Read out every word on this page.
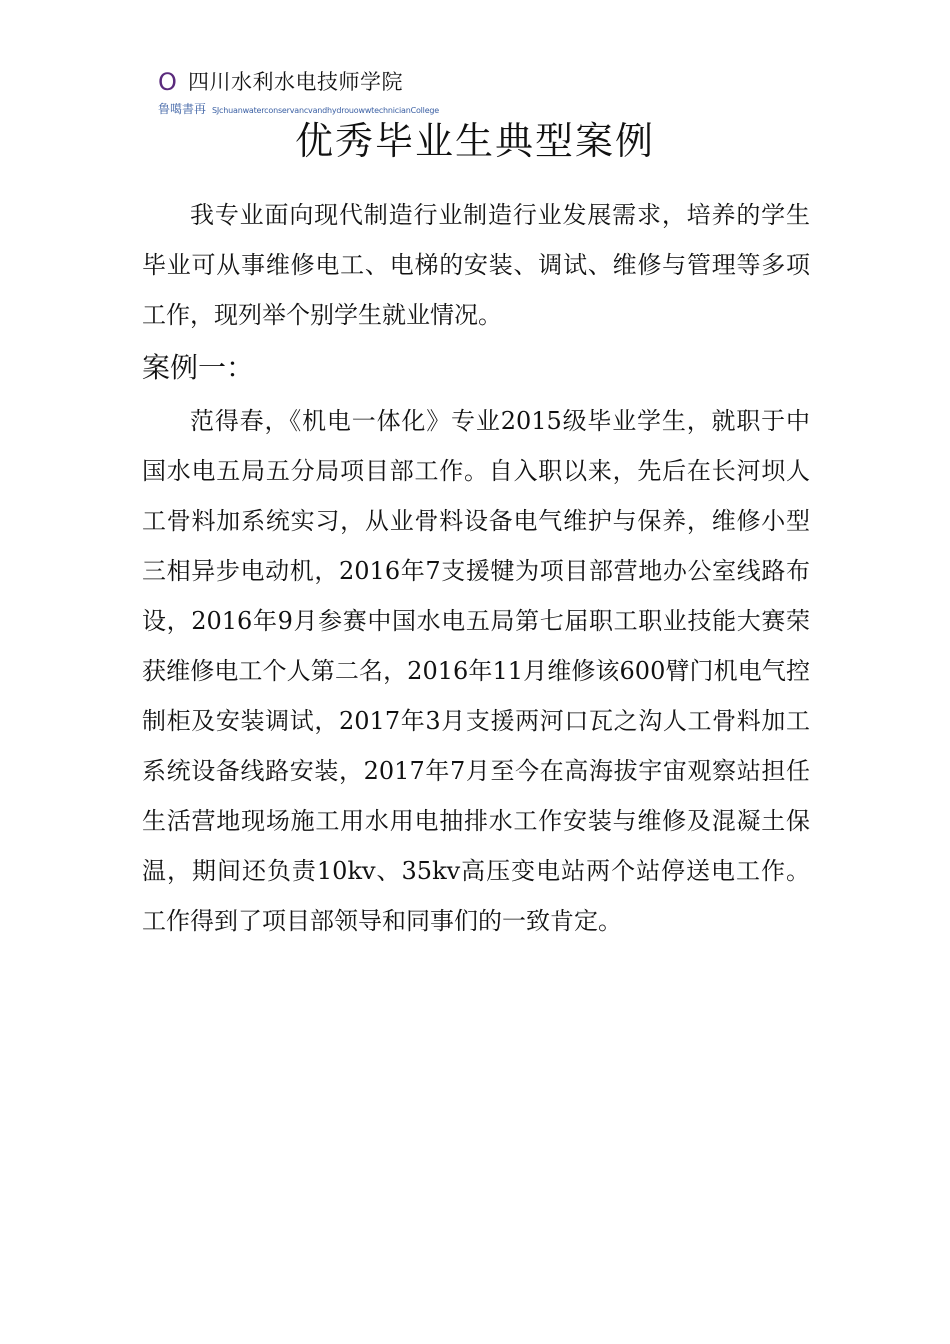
O 四川水利水电技师学院
鲁噶書再 SJchuanwaterconservancvandhydrouowwtechnicianCollege
优秀毕业生典型案例

我专业面向现代制造行业制造行业发展需求，培养的学生毕业可从事维修电工、电梯的安装、调试、维修与管理等多项工作，现列举个别学生就业情况。

案例一：

范得春，《机电一体化》专业2015级毕业学生，就职于中国水电五局五分局项目部工作。自入职以来，先后在长河坝人工骨料加系统实习，从业骨料设备电气维护与保养，维修小型三相异步电动机，2016年7支援犍为项目部营地办公室线路布设，2016年9月参赛中国水电五局第七届职工职业技能大赛荣获维修电工个人第二名，2016年11月维修该600臂门机电气控制柜及安装调试，2017年3月支援两河口瓦之沟人工骨料加工系统设备线路安装，2017年7月至今在高海拔宇宙观察站担任生活营地现场施工用水用电抽排水工作安装与维修及混凝土保温，期间还负责10kv、35kv高压变电站两个站停送电工作。工作得到了项目部领导和同事们的一致肯定。
